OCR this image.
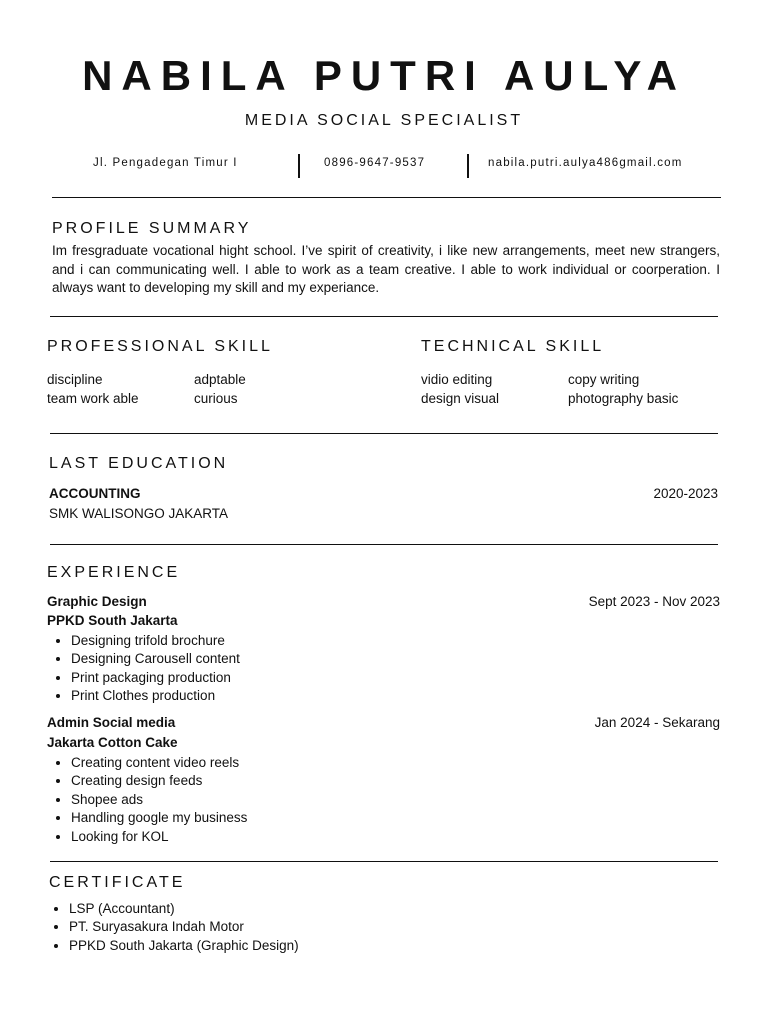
NABILA PUTRI AULYA
MEDIA SOCIAL SPECIALIST
Jl. Pengadegan Timur I	0896-9647-9537	nabila.putri.aulya486gmail.com
PROFILE SUMMARY
Im fresgraduate vocational hight school. I’ve spirit of creativity, i like new arrangements, meet new strangers, and i can communicating well. I able to work as a team creative. I able to work individual or coorperation. I always want to developing my skill and my experiance.
PROFESSIONAL SKILL
discipline	adptable
team work able	curious
TECHNICAL SKILL
vidio editing	copy writing
design visual	photography basic
LAST EDUCATION
ACCOUNTING	2020-2023
SMK WALISONGO JAKARTA
EXPERIENCE
Graphic Design	Sept 2023 - Nov 2023
PPKD South Jakarta
• Designing trifold brochure
• Designing Carousell content
• Print packaging production
• Print Clothes production
Admin Social media	Jan 2024 - Sekarang
Jakarta Cotton Cake
• Creating content video reels
• Creating design feeds
• Shopee ads
• Handling google my business
• Looking for KOL
CERTIFICATE
• LSP (Accountant)
• PT. Suryasakura Indah Motor
• PPKD South Jakarta (Graphic Design)
